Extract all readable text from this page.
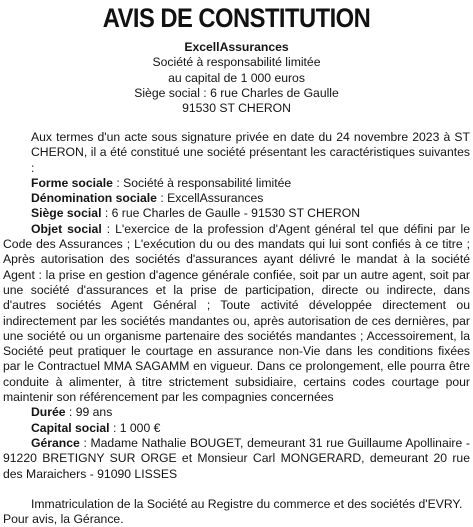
AVIS DE CONSTITUTION
ExcellAssurances
Société à responsabilité limitée
au capital de 1 000 euros
Siège social : 6 rue Charles de Gaulle
91530 ST CHERON

Aux termes d'un acte sous signature privée en date du 24 novembre 2023 à ST CHERON, il a été constitué une société présentant les caractéristiques suivantes :

Forme sociale : Société à responsabilité limitée

Dénomination sociale : ExcellAssurances

Siège social : 6 rue Charles de Gaulle - 91530 ST CHERON

Objet social : L'exercice de la profession d'Agent général tel que défini par le Code des Assurances ; L'exécution du ou des mandats qui lui sont confiés à ce titre ; Après autorisation des sociétés d'assurances ayant délivré le mandat à la société Agent : la prise en gestion d'agence générale confiée, soit par un autre agent, soit par une société d'assurances et la prise de participation, directe ou indirecte, dans d'autres sociétés Agent Général ; Toute activité développée directement ou indirectement par les sociétés mandantes ou, après autorisation de ces dernières, par une société ou un organisme partenaire des sociétés mandantes ; Accessoirement, la Société peut pratiquer le courtage en assurance non-Vie dans les conditions fixées par le Contractuel MMA SAGAMM en vigueur. Dans ce prolongement, elle pourra être conduite à alimenter, à titre strictement subsidiaire, certains codes courtage pour maintenir son référencement par les compagnies concernées

Durée : 99 ans

Capital social : 1 000 €

Gérance : Madame Nathalie BOUGET, demeurant 31 rue Guillaume Apollinaire - 91220 BRETIGNY SUR ORGE et Monsieur Carl MONGERARD, demeurant 20 rue des Maraichers - 91090 LISSES

Immatriculation de la Société au Registre du commerce et des sociétés d'EVRY.

Pour avis, la Gérance.
